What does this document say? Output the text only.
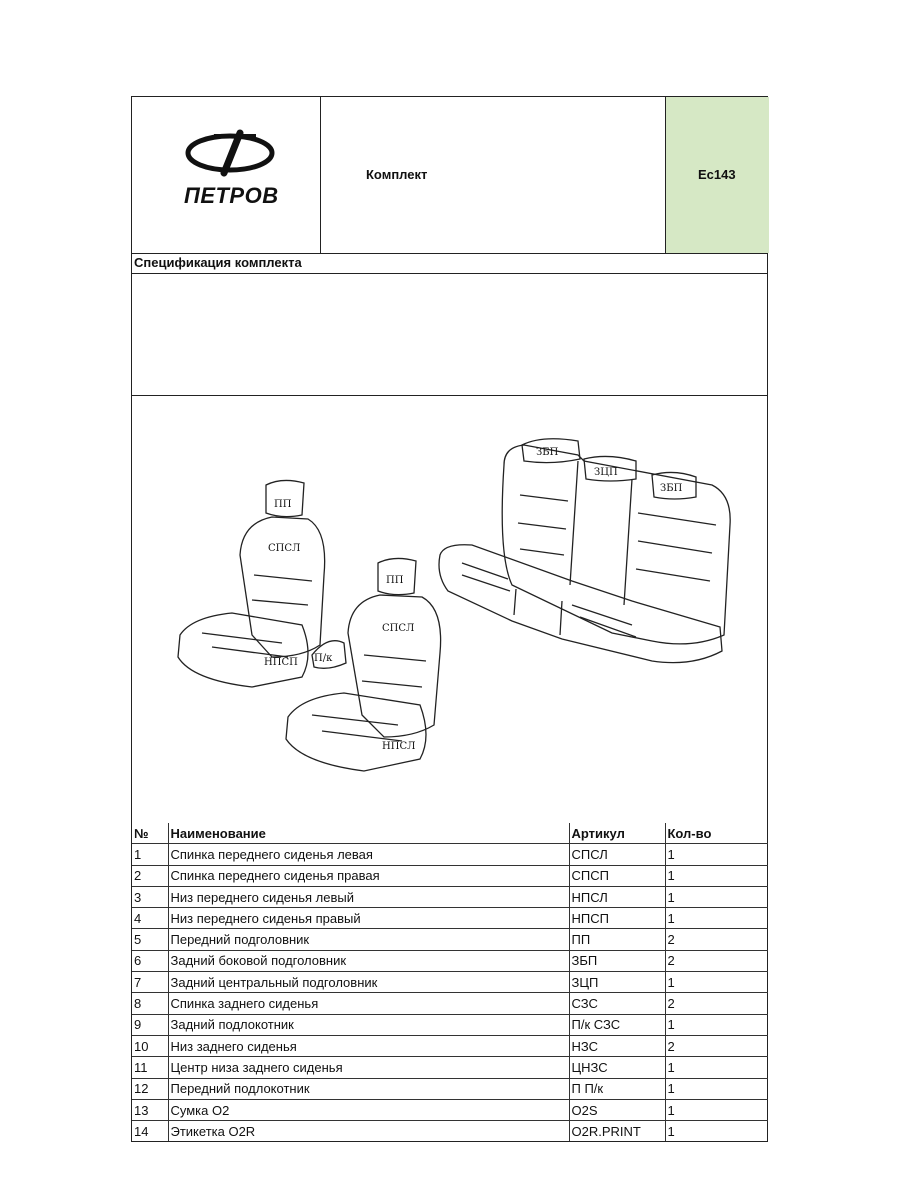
ПЕТРОВ
Комплект	Ес143
Спецификация комплекта
ПП
СПСЛ
НПСП П/к
ПП
СПСЛ
НПСЛ
ЗБП
ЗЦП
ЗБП
№	Наименование	Артикул	Кол-во
1	Спинка переднего сиденья левая	СПСЛ	1
2	Спинка переднего сиденья правая	СПСП	1
3	Низ переднего сиденья левый	НПСЛ	1
4	Низ переднего сиденья правый	НПСП	1
5	Передний подголовник	ПП	2
6	Задний боковой подголовник	ЗБП	2
7	Задний центральный подголовник	ЗЦП	1
8	Спинка заднего сиденья	СЗС	2
9	Задний подлокотник	П/к СЗС	1
10	Низ заднего сиденья	НЗС	2
11	Центр низа заднего сиденья	ЦНЗС	1
12	Передний подлокотник	П П/к	1
13	Сумка O2	O2S	1
14	Этикетка O2R	O2R.PRINT	1
